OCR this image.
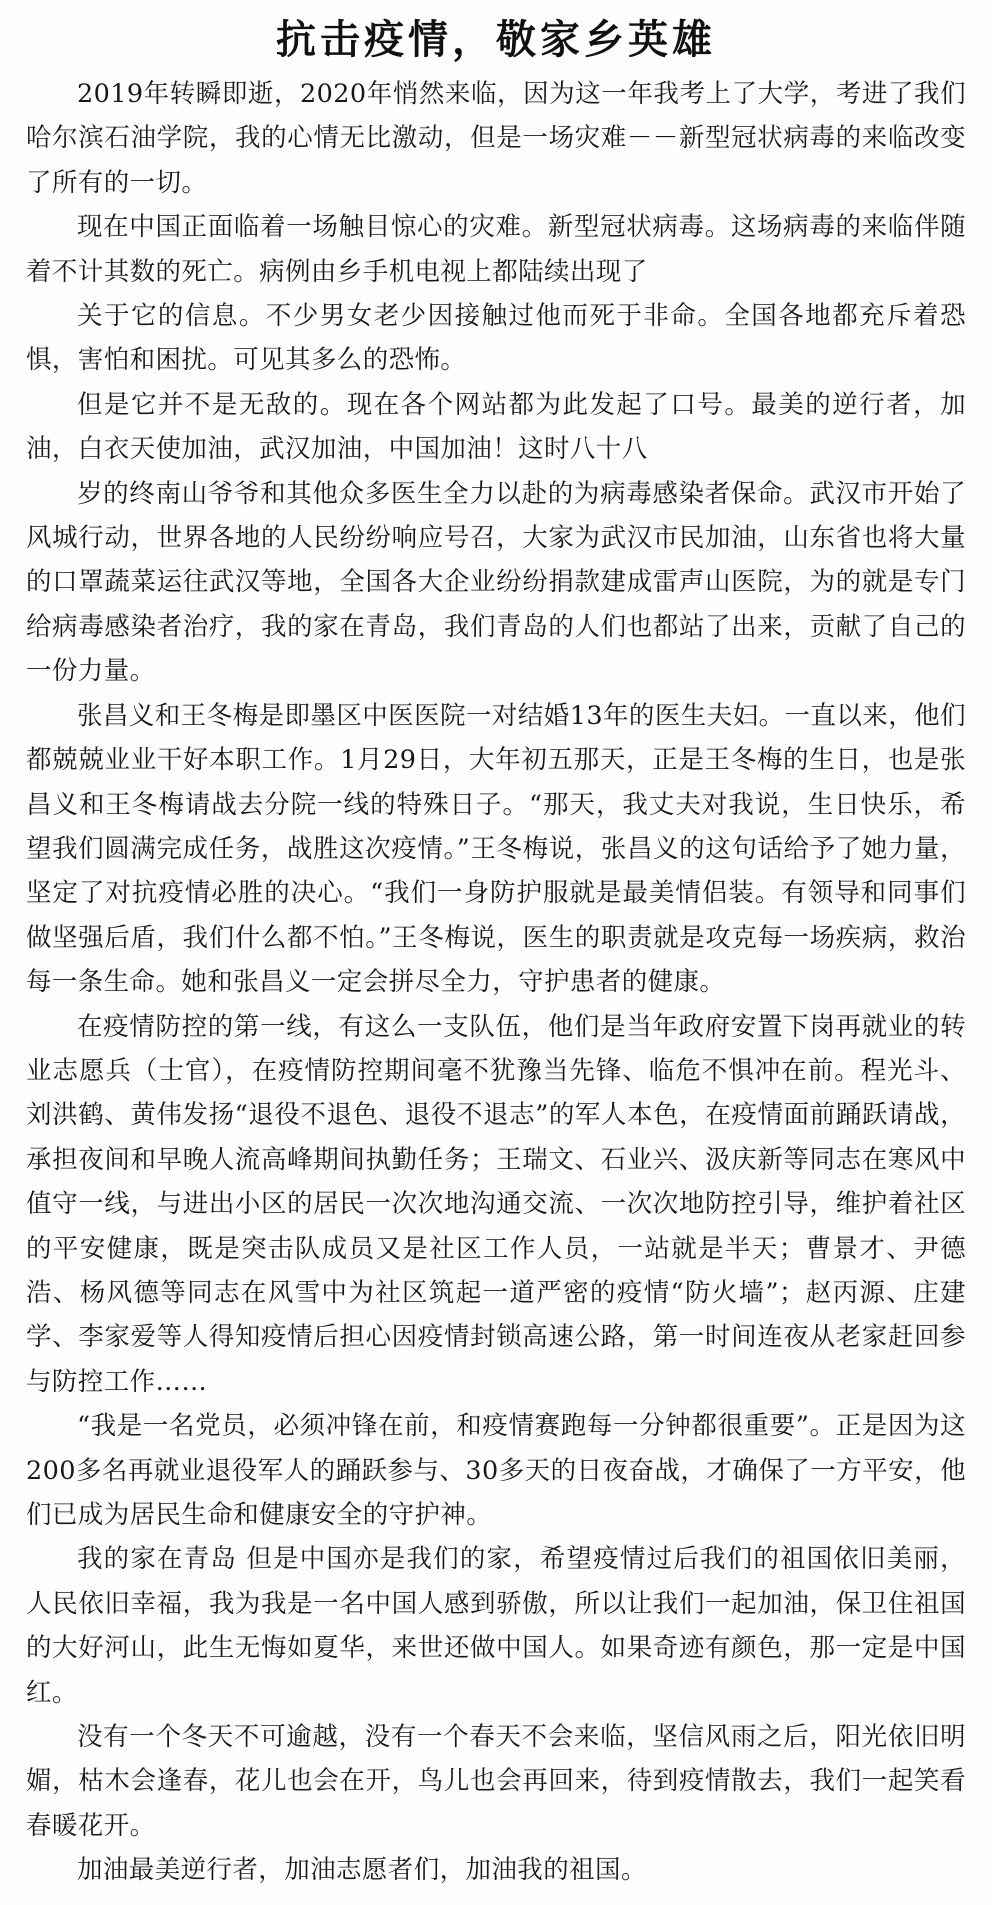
抗击疫情，敬家乡英雄

2019年转瞬即逝，2020年悄然来临，因为这一年我考上了大学，考进了我们哈尔滨石油学院，我的心情无比激动，但是一场灾难－－新型冠状病毒的来临改变了所有的一切。

现在中国正面临着一场触目惊心的灾难。新型冠状病毒。这场病毒的来临伴随着不计其数的死亡。病例由乡手机电视上都陆续出现了

关于它的信息。不少男女老少因接触过他而死于非命。全国各地都充斥着恐惧，害怕和困扰。可见其多么的恐怖。

但是它并不是无敌的。现在各个网站都为此发起了口号。最美的逆行者，加油，白衣天使加油，武汉加油，中国加油！这时八十八

岁的终南山爷爷和其他众多医生全力以赴的为病毒感染者保命。武汉市开始了风城行动，世界各地的人民纷纷响应号召，大家为武汉市民加油，山东省也将大量的口罩蔬菜运往武汉等地，全国各大企业纷纷捐款建成雷声山医院，为的就是专门给病毒感染者治疗，我的家在青岛，我们青岛的人们也都站了出来，贡献了自己的一份力量。

张昌义和王冬梅是即墨区中医医院一对结婚13年的医生夫妇。一直以来，他们都兢兢业业干好本职工作。1月29日，大年初五那天，正是王冬梅的生日，也是张昌义和王冬梅请战去分院一线的特殊日子。“那天，我丈夫对我说，生日快乐，希望我们圆满完成任务，战胜这次疫情。”王冬梅说，张昌义的这句话给予了她力量，坚定了对抗疫情必胜的决心。“我们一身防护服就是最美情侣装。有领导和同事们做坚强后盾，我们什么都不怕。”王冬梅说，医生的职责就是攻克每一场疾病，救治每一条生命。她和张昌义一定会拼尽全力，守护患者的健康。

在疫情防控的第一线，有这么一支队伍，他们是当年政府安置下岗再就业的转业志愿兵（士官），在疫情防控期间毫不犹豫当先锋、临危不惧冲在前。程光斗、刘洪鹤、黄伟发扬“退役不退色、退役不退志”的军人本色，在疫情面前踊跃请战，承担夜间和早晚人流高峰期间执勤任务；王瑞文、石业兴、汲庆新等同志在寒风中值守一线，与进出小区的居民一次次地沟通交流、一次次地防控引导，维护着社区的平安健康，既是突击队成员又是社区工作人员，一站就是半天；曹景才、尹德浩、杨风德等同志在风雪中为社区筑起一道严密的疫情“防火墙”；赵丙源、庄建学、李家爱等人得知疫情后担心因疫情封锁高速公路，第一时间连夜从老家赶回参与防控工作……

“我是一名党员，必须冲锋在前，和疫情赛跑每一分钟都很重要”。正是因为这200多名再就业退役军人的踊跃参与、30多天的日夜奋战，才确保了一方平安，他们已成为居民生命和健康安全的守护神。

我的家在青岛 但是中国亦是我们的家，希望疫情过后我们的祖国依旧美丽，人民依旧幸福，我为我是一名中国人感到骄傲，所以让我们一起加油，保卫住祖国的大好河山，此生无悔如夏华，来世还做中国人。如果奇迹有颜色，那一定是中国红。

没有一个冬天不可逾越，没有一个春天不会来临，坚信风雨之后，阳光依旧明媚，枯木会逢春，花儿也会在开，鸟儿也会再回来，待到疫情散去，我们一起笑看春暖花开。

加油最美逆行者，加油志愿者们，加油我的祖国。
